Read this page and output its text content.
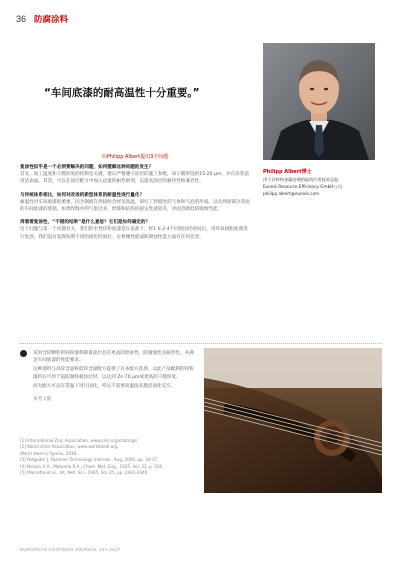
36 防腐涂料
“车间底漆的耐高温性十分重要。”
Philipp Albert博士
用于涂料和金属处理的硅烷应用技术总监
Evonik Resource Efficiency GmbH公司
philipp.albert@evonik.com
向Philipp Albert提出3个问题
复涂性似乎是一个必须要解决的问题，如何缓解这种问题的发生？
首先，加工温度和干膜厚度的控制是关键，建议严格遵守涂层的施工参数，如干膜厚度约15-20 μm，并在涂装前清洁表面。其次，可以在涂层配方中加入适量的耐热助剂，以提高涂层的耐热性和兼容性。
与传统体系相比，如何对改进的新型体系的耐温性进行量化？
耐温性对车间底漆很重要，因为钢板在焊接时会经受高温，研究了焊缝处的气体和气泡的形成。以及焊接部分背面的车间底漆的烧损，如果焊缝中的气泡过多，焊缝和结构的稳定性就较差，背面会降低防腐蚀性能。
再看看复涂性，“不错的结果”是什么意思？它们是如何确定的？
这个问题与第一个问题有关，我们的水性锌粉底漆是在基准下，经1 h-3 d不同的固化时间后，用环氧树脂底漆进行复涂，我们没有发现按照不同的固化时间后，在机械性能或防腐蚀性能方面有任何差异。

采用含锌颗粒的锌粉漆料制备涂层具有更高的焊接性、防腐蚀性及耐热性，并满足车间底漆的性能要求。

这种漆料与高锌含量和低锌含量配方提供了许多配方选择，以此产品配制的锌粉漆料在可用于雷防腐铁板涂层时，以达到 Zn 70 μm或更高的干膜厚度。

因为配方可以在常温下进行固化，所以不需要高温度来激活固化反应。

参考文献

[1] International Zinc Association, www.zinc.org/coatings/
[2] World steel Association, www.worldsteel.org,
World steel in figures, 2018.
[3] Potgeiter J, Fastener Technology Internat., Aug. 2006, pp. 34-37.
[4] Nelson H.A., Motorola R.A., Chem. Met. Eng., 1925, Vol. 33, p. 430.
[5] Marcotte et al., Int. Met. Sci., 1995, Vol. 25, pp. 2441-2446.
EUROPEAN COATINGS JOURNAL 10 • 2017
